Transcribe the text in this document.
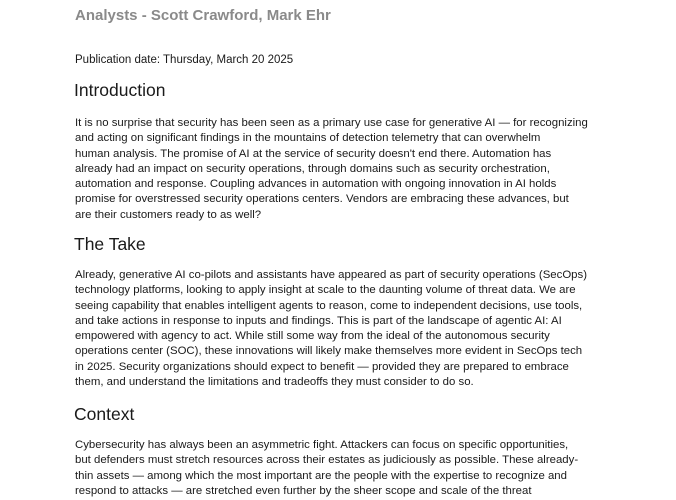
Analysts - Scott Crawford, Mark Ehr
Publication date: Thursday, March 20 2025
Introduction
It is no surprise that security has been seen as a primary use case for generative AI — for recognizing
and acting on significant findings in the mountains of detection telemetry that can overwhelm
human analysis. The promise of AI at the service of security doesn't end there. Automation has
already had an impact on security operations, through domains such as security orchestration,
automation and response. Coupling advances in automation with ongoing innovation in AI holds
promise for overstressed security operations centers. Vendors are embracing these advances, but
are their customers ready to as well?
The Take
Already, generative AI co-pilots and assistants have appeared as part of security operations (SecOps)
technology platforms, looking to apply insight at scale to the daunting volume of threat data. We are
seeing capability that enables intelligent agents to reason, come to independent decisions, use tools,
and take actions in response to inputs and findings. This is part of the landscape of agentic AI: AI
empowered with agency to act. While still some way from the ideal of the autonomous security
operations center (SOC), these innovations will likely make themselves more evident in SecOps tech
in 2025. Security organizations should expect to benefit — provided they are prepared to embrace
them, and understand the limitations and tradeoffs they must consider to do so.
Context
Cybersecurity has always been an asymmetric fight. Attackers can focus on specific opportunities,
but defenders must stretch resources across their estates as judiciously as possible. These already-
thin assets — among which the most important are the people with the expertise to recognize and
respond to attacks — are stretched even further by the sheer scope and scale of the threat
